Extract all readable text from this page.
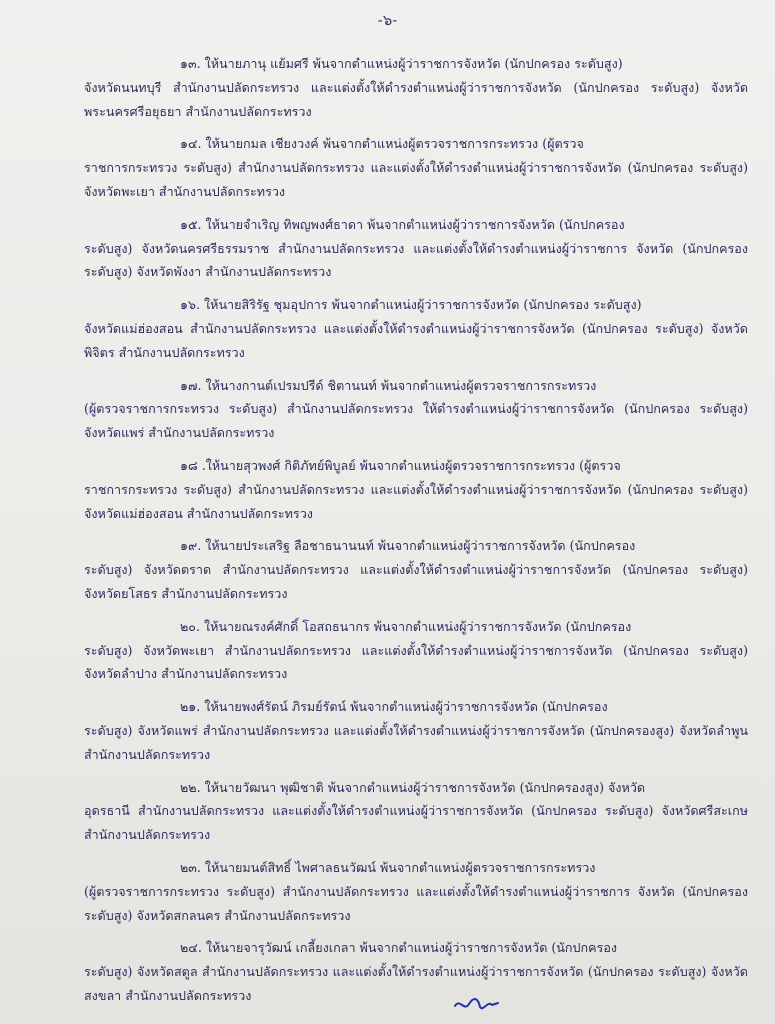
-๖-

๑๓. ให้นายภานุ แย้มศรี พ้นจากตำแหน่งผู้ว่าราชการจังหวัด (นักปกครอง ระดับสูง)
จังหวัดนนทบุรี สำนักงานปลัดกระทรวง และแต่งตั้งให้ดำรงตำแหน่งผู้ว่าราชการจังหวัด (นักปกครอง ระดับสูง) จังหวัดพระนครศรีอยุธยา สำนักงานปลัดกระทรวง

๑๔. ให้นายกมล เชียงวงค์ พ้นจากตำแหน่งผู้ตรวจราชการกระทรวง (ผู้ตรวจ
ราชการกระทรวง ระดับสูง) สำนักงานปลัดกระทรวง และแต่งตั้งให้ดำรงตำแหน่งผู้ว่าราชการจังหวัด (นักปกครอง ระดับสูง) จังหวัดพะเยา สำนักงานปลัดกระทรวง

๑๕. ให้นายจำเริญ ทิพญพงศ์ธาดา พ้นจากตำแหน่งผู้ว่าราชการจังหวัด (นักปกครอง
ระดับสูง) จังหวัดนครศรีธรรมราช สำนักงานปลัดกระทรวง และแต่งตั้งให้ดำรงตำแหน่งผู้ว่าราชการ จังหวัด (นักปกครอง ระดับสูง) จังหวัดพังงา สำนักงานปลัดกระทรวง

๑๖. ให้นายสิริรัฐ ชุมอุปการ พ้นจากตำแหน่งผู้ว่าราชการจังหวัด (นักปกครอง ระดับสูง)
จังหวัดแม่ฮ่องสอน สำนักงานปลัดกระทรวง และแต่งตั้งให้ดำรงตำแหน่งผู้ว่าราชการจังหวัด (นักปกครอง ระดับสูง) จังหวัดพิจิตร สำนักงานปลัดกระทรวง

๑๗. ให้นางกานต์เปรมปรีด์ ชิตานนท์ พ้นจากตำแหน่งผู้ตรวจราชการกระทรวง
(ผู้ตรวจราชการกระทรวง ระดับสูง) สำนักงานปลัดกระทรวง ให้ดำรงตำแหน่งผู้ว่าราชการจังหวัด (นักปกครอง ระดับสูง) จังหวัดแพร่ สำนักงานปลัดกระทรวง

๑๘ .ให้นายสุวพงศ์ กิติภัทย์พิบูลย์ พ้นจากตำแหน่งผู้ตรวจราชการกระทรวง (ผู้ตรวจ
ราชการกระทรวง ระดับสูง) สำนักงานปลัดกระทรวง และแต่งตั้งให้ดำรงตำแหน่งผู้ว่าราชการจังหวัด (นักปกครอง ระดับสูง) จังหวัดแม่ฮ่องสอน สำนักงานปลัดกระทรวง

๑๙. ให้นายประเสริฐ ลือชาธนานนท์ พ้นจากตำแหน่งผู้ว่าราชการจังหวัด (นักปกครอง
ระดับสูง) จังหวัดตราด สำนักงานปลัดกระทรวง และแต่งตั้งให้ดำรงตำแหน่งผู้ว่าราชการจังหวัด (นักปกครอง ระดับสูง) จังหวัดยโสธร สำนักงานปลัดกระทรวง

๒๐. ให้นายณรงค์ศักดิ์ โอสถธนากร พ้นจากตำแหน่งผู้ว่าราชการจังหวัด (นักปกครอง
ระดับสูง) จังหวัดพะเยา สำนักงานปลัดกระทรวง และแต่งตั้งให้ดำรงตำแหน่งผู้ว่าราชการจังหวัด (นักปกครอง ระดับสูง) จังหวัดลำปาง สำนักงานปลัดกระทรวง

๒๑. ให้นายพงศ์รัตน์ ภิรมย์รัตน์ พ้นจากตำแหน่งผู้ว่าราชการจังหวัด (นักปกครอง
ระดับสูง) จังหวัดแพร่ สำนักงานปลัดกระทรวง และแต่งตั้งให้ดำรงตำแหน่งผู้ว่าราชการจังหวัด (นักปกครองสูง) จังหวัดลำพูน สำนักงานปลัดกระทรวง

๒๒. ให้นายวัฒนา พุฒิชาติ พ้นจากตำแหน่งผู้ว่าราชการจังหวัด (นักปกครองสูง) จังหวัด
อุดรธานี สำนักงานปลัดกระทรวง และแต่งตั้งให้ดำรงตำแหน่งผู้ว่าราชการจังหวัด (นักปกครอง ระดับสูง) จังหวัดศรีสะเกษ สำนักงานปลัดกระทรวง

๒๓. ให้นายมนต์สิทธิ์ ไพศาลธนวัฒน์ พ้นจากตำแหน่งผู้ตรวจราชการกระทรวง
(ผู้ตรวจราชการกระทรวง ระดับสูง) สำนักงานปลัดกระทรวง และแต่งตั้งให้ดำรงตำแหน่งผู้ว่าราชการ จังหวัด (นักปกครอง ระดับสูง) จังหวัดสกลนคร สำนักงานปลัดกระทรวง

๒๔. ให้นายจารุวัฒน์ เกลี้ยงเกลา พ้นจากตำแหน่งผู้ว่าราชการจังหวัด (นักปกครอง
ระดับสูง) จังหวัดสตูล สำนักงานปลัดกระทรวง และแต่งตั้งให้ดำรงตำแหน่งผู้ว่าราชการจังหวัด (นักปกครอง ระดับสูง) จังหวัดสงขลา สำนักงานปลัดกระทรวง
